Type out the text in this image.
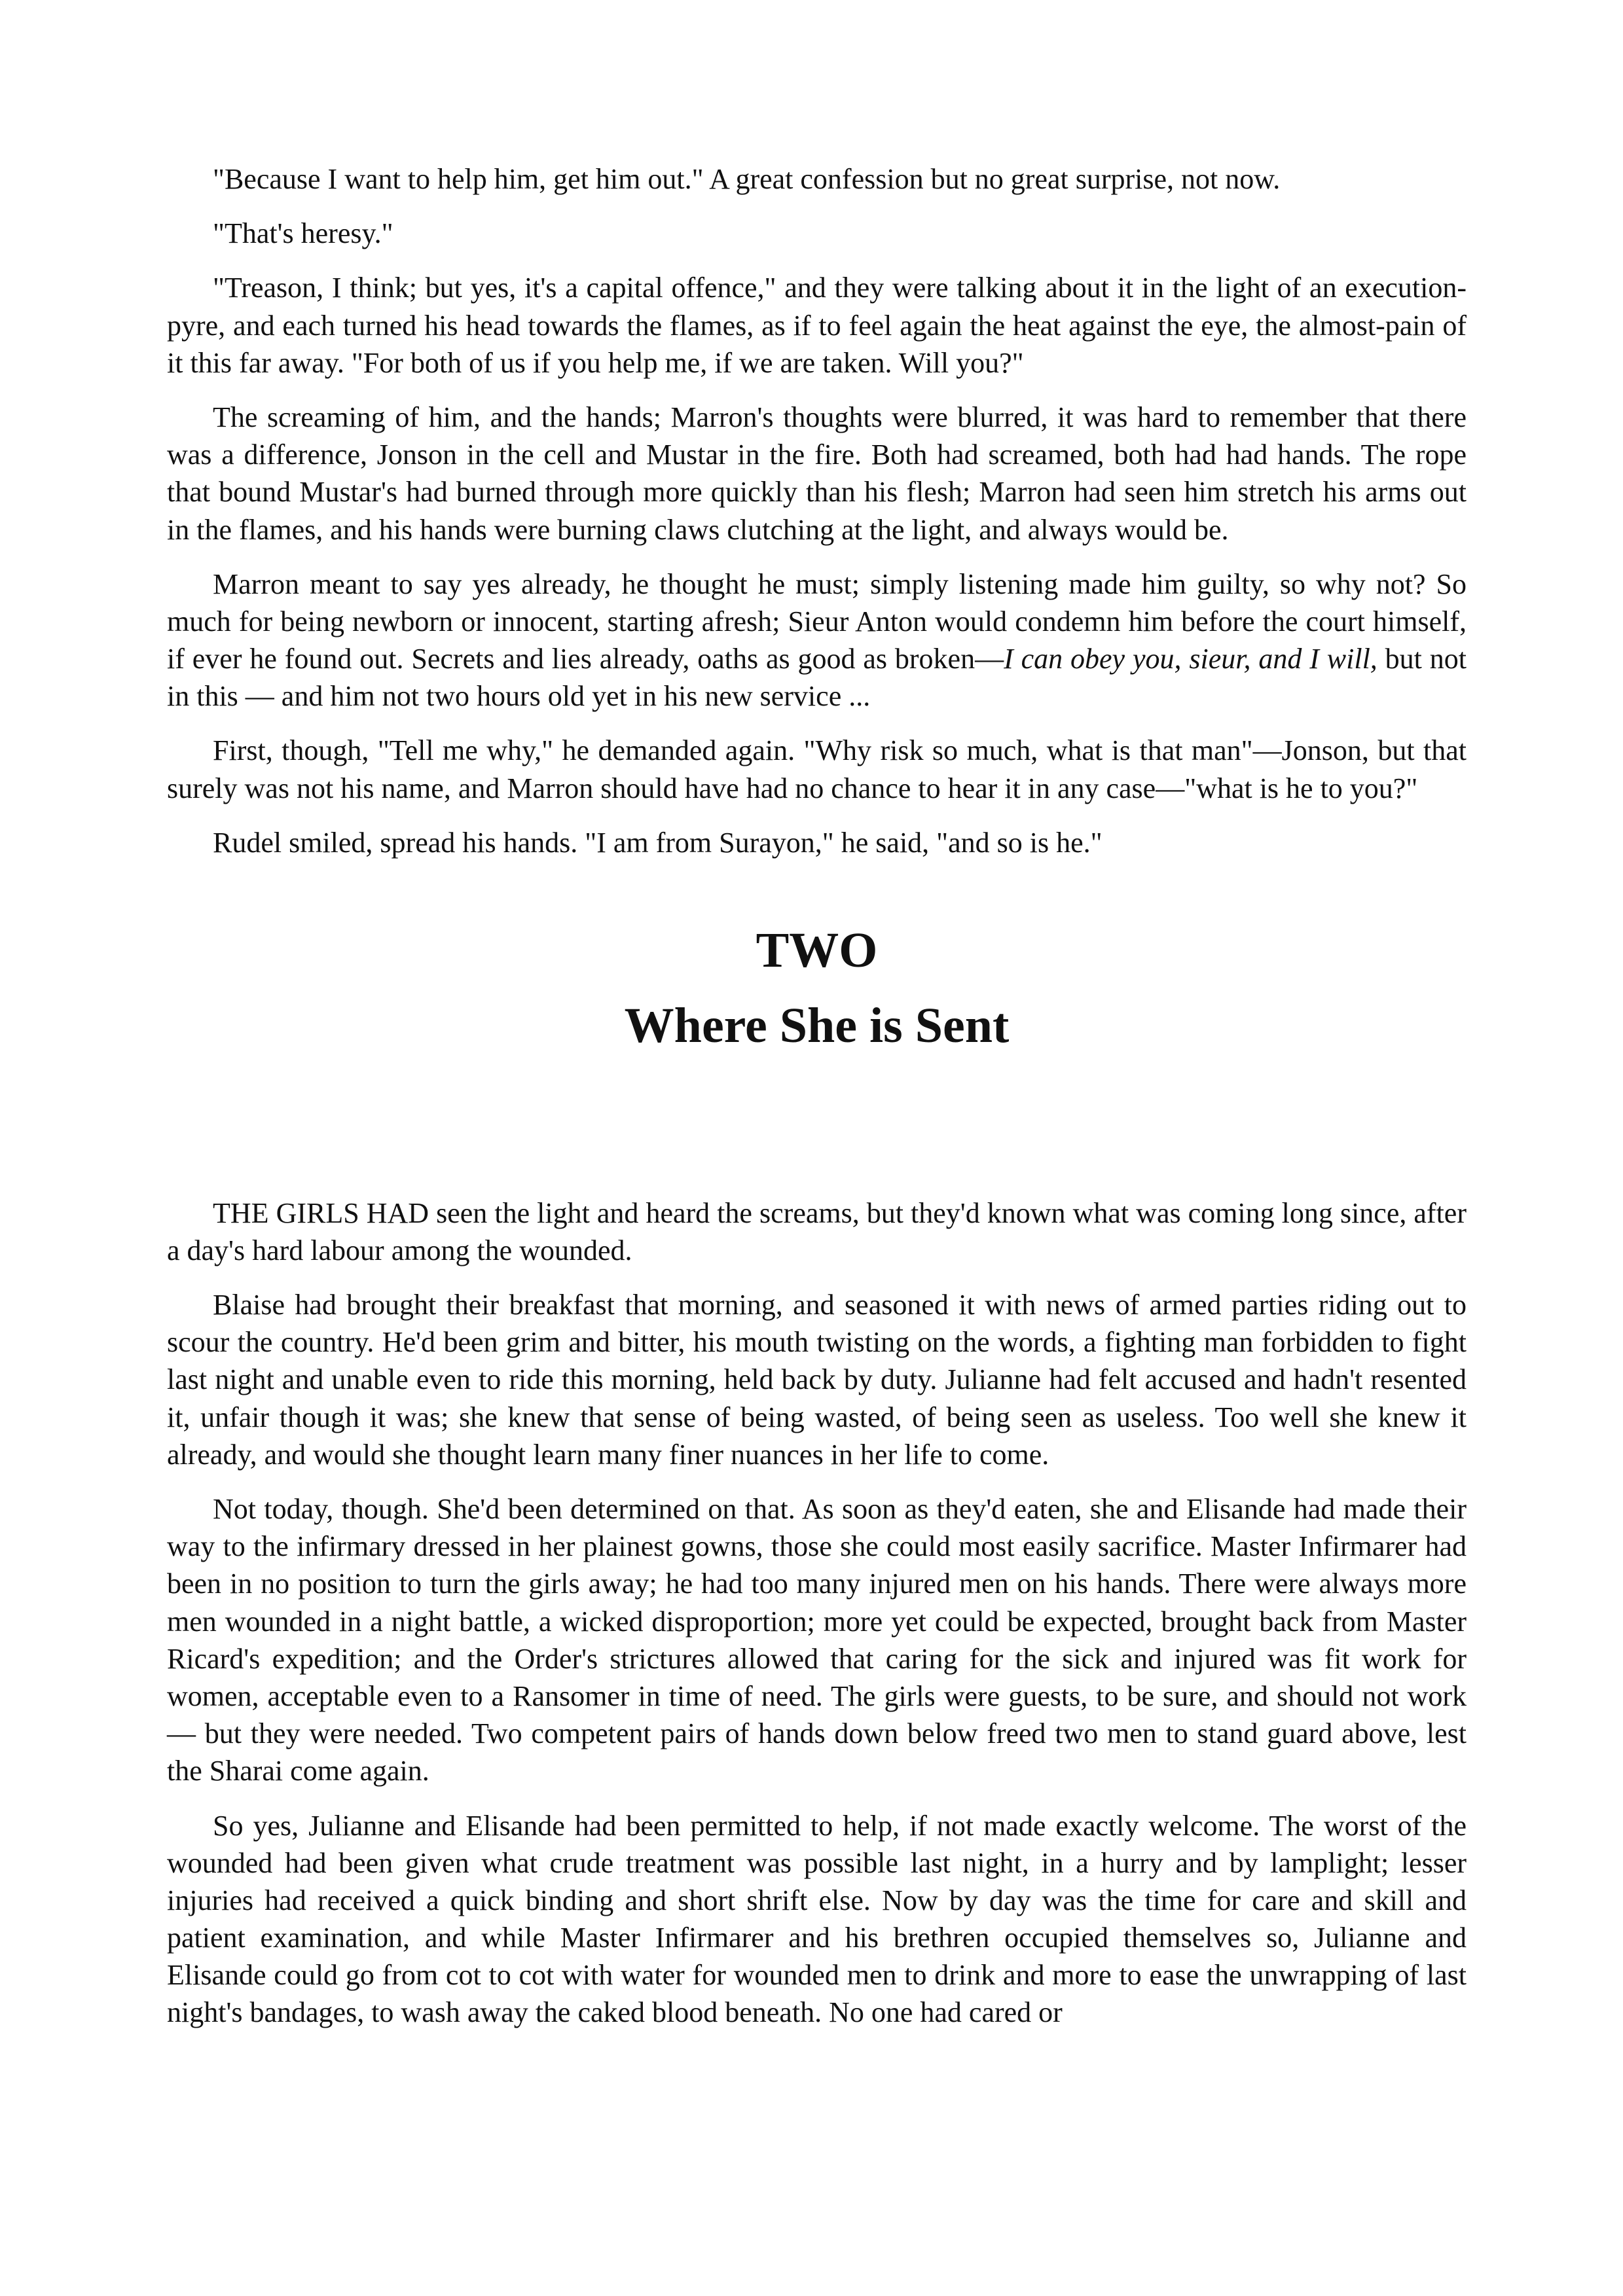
"Because I want to help him, get him out." A great confession but no great surprise, not now.

"That's heresy."

"Treason, I think; but yes, it's a capital offence," and they were talking about it in the light of an execution-pyre, and each turned his head towards the flames, as if to feel again the heat against the eye, the almost-pain of it this far away. "For both of us if you help me, if we are taken. Will you?"

The screaming of him, and the hands; Marron's thoughts were blurred, it was hard to remember that there was a difference, Jonson in the cell and Mustar in the fire. Both had screamed, both had had hands. The rope that bound Mustar's had burned through more quickly than his flesh; Marron had seen him stretch his arms out in the flames, and his hands were burning claws clutching at the light, and always would be.

Marron meant to say yes already, he thought he must; simply listening made him guilty, so why not? So much for being newborn or innocent, starting afresh; Sieur Anton would condemn him before the court himself, if ever he found out. Secrets and lies already, oaths as good as broken—I can obey you, sieur, and I will, but not in this — and him not two hours old yet in his new service ...

First, though, "Tell me why," he demanded again. "Why risk so much, what is that man"—Jonson, but that surely was not his name, and Marron should have had no chance to hear it in any case—"what is he to you?"

Rudel smiled, spread his hands. "I am from Surayon," he said, "and so is he."

TWO
Where She is Sent

THE GIRLS HAD seen the light and heard the screams, but they'd known what was coming long since, after a day's hard labour among the wounded.

Blaise had brought their breakfast that morning, and seasoned it with news of armed parties riding out to scour the country. He'd been grim and bitter, his mouth twisting on the words, a fighting man forbidden to fight last night and unable even to ride this morning, held back by duty. Julianne had felt accused and hadn't resented it, unfair though it was; she knew that sense of being wasted, of being seen as useless. Too well she knew it already, and would she thought learn many finer nuances in her life to come.

Not today, though. She'd been determined on that. As soon as they'd eaten, she and Elisande had made their way to the infirmary dressed in her plainest gowns, those she could most easily sacrifice. Master Infirmarer had been in no position to turn the girls away; he had too many injured men on his hands. There were always more men wounded in a night battle, a wicked disproportion; more yet could be expected, brought back from Master Ricard's expedition; and the Order's strictures allowed that caring for the sick and injured was fit work for women, acceptable even to a Ransomer in time of need. The girls were guests, to be sure, and should not work— but they were needed. Two competent pairs of hands down below freed two men to stand guard above, lest the Sharai come again.

So yes, Julianne and Elisande had been permitted to help, if not made exactly welcome. The worst of the wounded had been given what crude treatment was possible last night, in a hurry and by lamplight; lesser injuries had received a quick binding and short shrift else. Now by day was the time for care and skill and patient examination, and while Master Infirmarer and his brethren occupied themselves so, Julianne and Elisande could go from cot to cot with water for wounded men to drink and more to ease the unwrapping of last night's bandages, to wash away the caked blood beneath. No one had cared or
